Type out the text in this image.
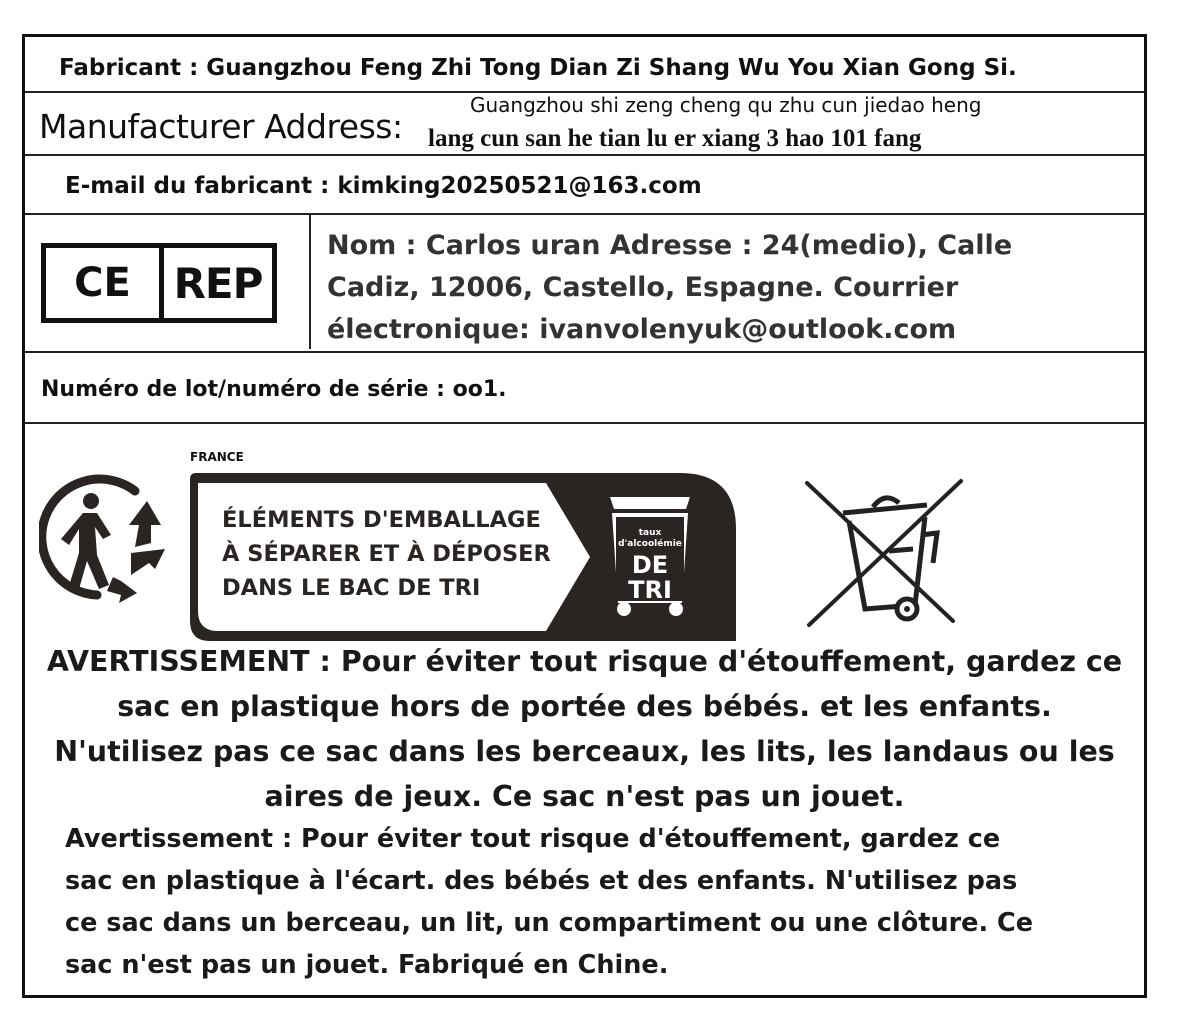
Fabricant : Guangzhou Feng Zhi Tong Dian Zi Shang Wu You Xian Gong Si.
Manufacturer Address:
Guangzhou shi zeng cheng qu zhu cun jiedao heng
lang cun san he tian lu er xiang 3 hao 101 fang
E-mail du fabricant : kimking20250521@163.com
CE	REP
Nom : Carlos uran Adresse : 24(medio), Calle
Cadiz, 12006, Castello, Espagne. Courrier
électronique: ivanvolenyuk@outlook.com
Numéro de lot/numéro de série : oo1.
FRANCE
taux
d'alcoolémie
DE
TRI
ÉLÉMENTS D'EMBALLAGE
À SÉPARER ET À DÉPOSER
DANS LE BAC DE TRI
AVERTISSEMENT : Pour éviter tout risque d'étouffement, gardez ce
sac en plastique hors de portée des bébés. et les enfants.
N'utilisez pas ce sac dans les berceaux, les lits, les landaus ou les
aires de jeux. Ce sac n'est pas un jouet.
Avertissement : Pour éviter tout risque d'étouffement, gardez ce
sac en plastique à l'écart. des bébés et des enfants. N'utilisez pas
ce sac dans un berceau, un lit, un compartiment ou une clôture. Ce
sac n'est pas un jouet. Fabriqué en Chine.
